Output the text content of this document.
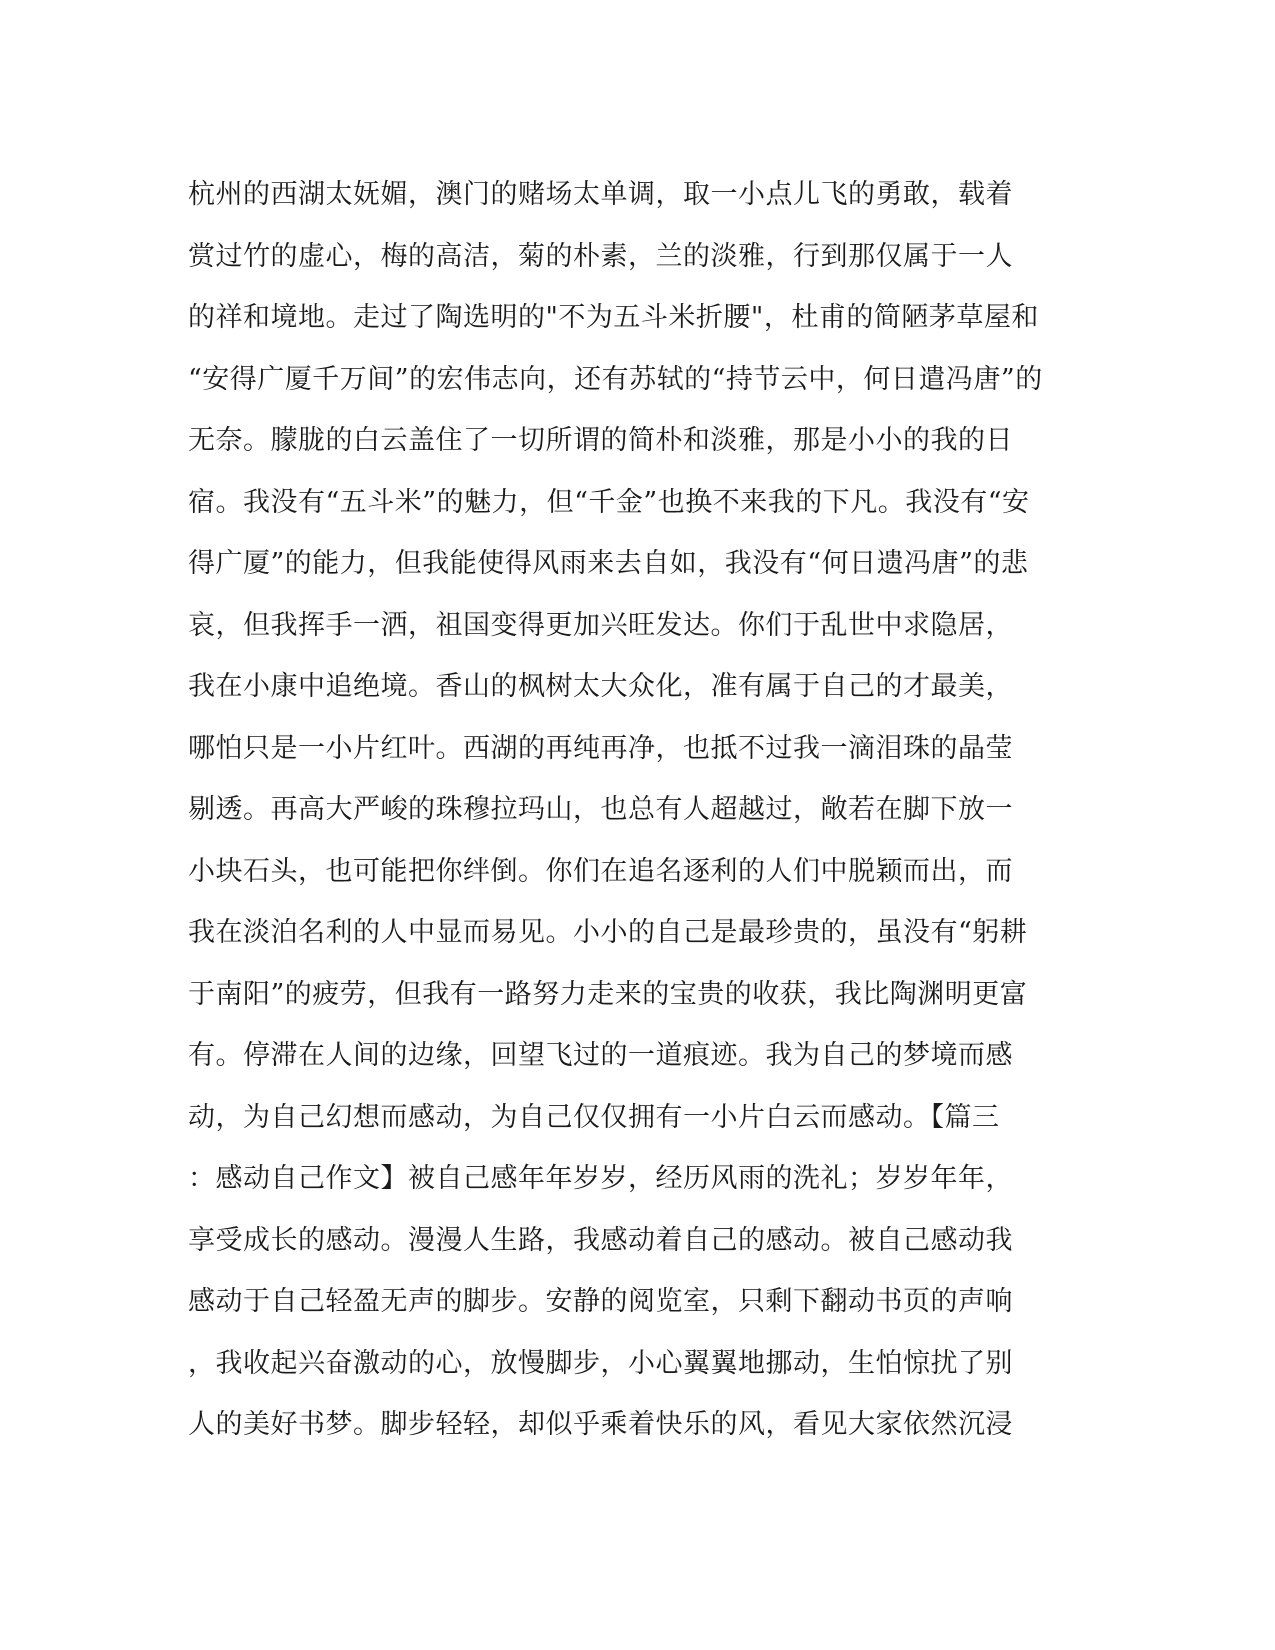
杭州的西湖太妩媚，澳门的赌场太单调，取一小点儿飞的勇敢，载着
赏过竹的虚心，梅的高洁，菊的朴素，兰的淡雅，行到那仅属于一人
的祥和境地。走过了陶选明的"不为五斗米折腰"，杜甫的简陋茅草屋和
“安得广厦千万间”的宏伟志向，还有苏轼的“持节云中，何日遣冯唐”的
无奈。朦胧的白云盖住了一切所谓的简朴和淡雅，那是小小的我的日
宿。我没有“五斗米”的魅力，但“千金”也换不来我的下凡。我没有“安
得广厦”的能力，但我能使得风雨来去自如，我没有“何日遗冯唐”的悲
哀，但我挥手一洒，祖国变得更加兴旺发达。你们于乱世中求隐居，
我在小康中追绝境。香山的枫树太大众化，准有属于自己的才最美，
哪怕只是一小片红叶。西湖的再纯再净，也抵不过我一滴泪珠的晶莹
剔透。再高大严峻的珠穆拉玛山，也总有人超越过，敞若在脚下放一
小块石头，也可能把你绊倒。你们在追名逐利的人们中脱颖而出，而
我在淡泊名利的人中显而易见。小小的自己是最珍贵的，虽没有“躬耕
于南阳”的疲劳，但我有一路努力走来的宝贵的收获，我比陶渊明更富
有。停滞在人间的边缘，回望飞过的一道痕迹。我为自己的梦境而感
动，为自己幻想而感动，为自己仅仅拥有一小片白云而感动。【篇三
：感动自己作文】被自己感年年岁岁，经历风雨的洗礼；岁岁年年，
享受成长的感动。漫漫人生路，我感动着自己的感动。被自己感动我
感动于自己轻盈无声的脚步。安静的阅览室，只剩下翻动书页的声响
，我收起兴奋激动的心，放慢脚步，小心翼翼地挪动，生怕惊扰了别
人的美好书梦。脚步轻轻，却似乎乘着快乐的风，看见大家依然沉浸
